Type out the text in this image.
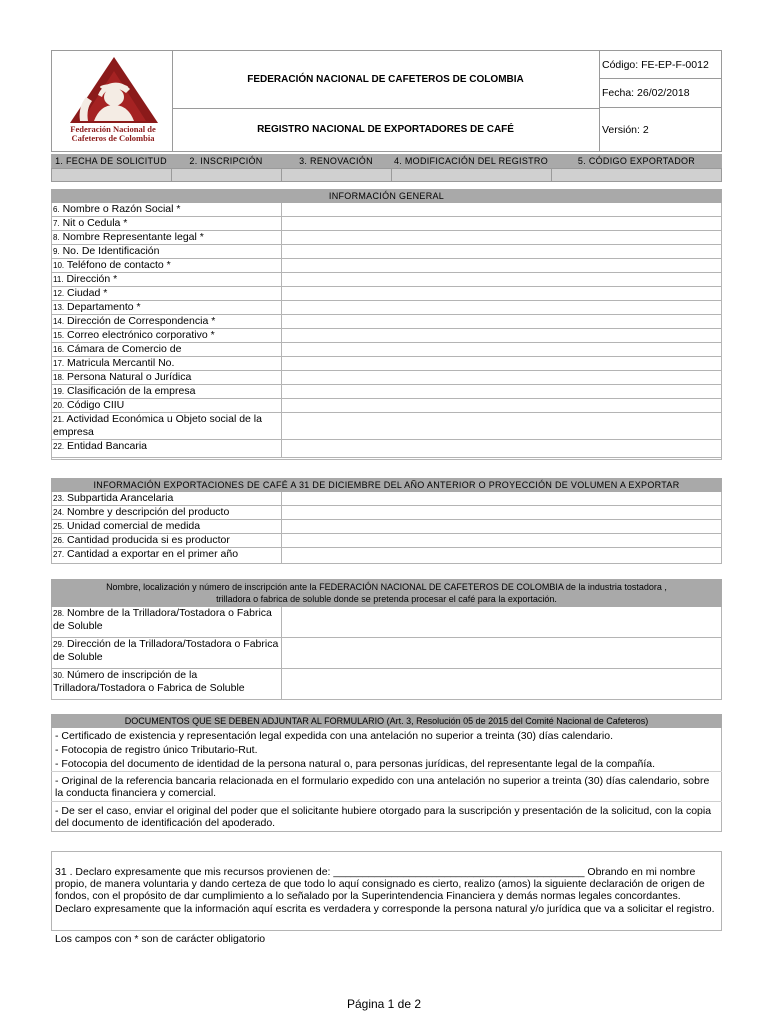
Federación Nacional de
Cafeteros de Colombia
FEDERACIÓN NACIONAL DE CAFETEROS DE COLOMBIA
REGISTRO NACIONAL DE EXPORTADORES DE CAFÉ
Código: FE-EP-F-0012
Fecha: 26/02/2018
Versión: 2
1. FECHA DE SOLICITUD	2. INSCRIPCIÓN	3. RENOVACIÓN	4. MODIFICACIÓN DEL REGISTRO	5. CÓDIGO EXPORTADOR
INFORMACIÓN GENERAL
6. Nombre o Razón Social *
7. Nit o Cedula *
8. Nombre Representante legal *
9. No. De Identificación
10. Teléfono de contacto *
11. Dirección *
12. Ciudad *
13. Departamento *
14. Dirección de Correspondencia *
15. Correo electrónico corporativo *
16. Cámara de Comercio de
17. Matricula Mercantil No.
18. Persona Natural o Jurídica
19. Clasificación de la empresa
20. Código CIIU
21. Actividad Económica u Objeto social de la empresa
22. Entidad Bancaria
INFORMACIÓN EXPORTACIONES DE CAFÉ A 31 DE DICIEMBRE DEL AÑO ANTERIOR O PROYECCIÓN DE VOLUMEN A EXPORTAR
23. Subpartida Arancelaria
24. Nombre y descripción del producto
25. Unidad comercial de medida
26. Cantidad producida si es productor
27. Cantidad a exportar en el primer año
Nombre, localización y número de inscripción ante la FEDERACIÓN NACIONAL DE CAFETEROS DE COLOMBIA de la industria tostadora ,
trilladora o fabrica de soluble donde se pretenda procesar el café para la exportación.
28. Nombre de la Trilladora/Tostadora o Fabrica de Soluble
29. Dirección de la Trilladora/Tostadora o Fabrica de Soluble
30. Número de inscripción de la Trilladora/Tostadora o Fabrica de Soluble
DOCUMENTOS QUE SE DEBEN ADJUNTAR AL FORMULARIO (Art. 3, Resolución 05 de 2015 del Comité Nacional de Cafeteros)
- Certificado de existencia y representación legal expedida con una antelación no superior a treinta (30) días calendario.
- Fotocopia de registro único Tributario-Rut.
- Fotocopia del documento de identidad de la persona natural o, para personas jurídicas, del representante legal de la compañía.
- Original de la referencia bancaria relacionada en el formulario expedido con una antelación no superior a treinta (30) días calendario, sobre la conducta financiera y comercial.
- De ser el caso, enviar el original del poder que el solicitante hubiere otorgado para la suscripción y presentación de la solicitud, con la copia del documento de identificación del apoderado.
31 . Declaro expresamente que mis recursos provienen de: ___________________________________________ Obrando en mi nombre propio, de manera voluntaria y dando certeza de que todo lo aquí consignado es cierto, realizo (amos) la siguiente declaración de origen de fondos, con el propósito de dar cumplimiento a lo señalado por la Superintendencia Financiera y demás normas legales concordantes. Declaro expresamente que la información aquí escrita es verdadera y corresponde la persona natural y/o jurídica que va a solicitar el registro.
Los campos con * son de carácter obligatorio
Página 1 de 2
